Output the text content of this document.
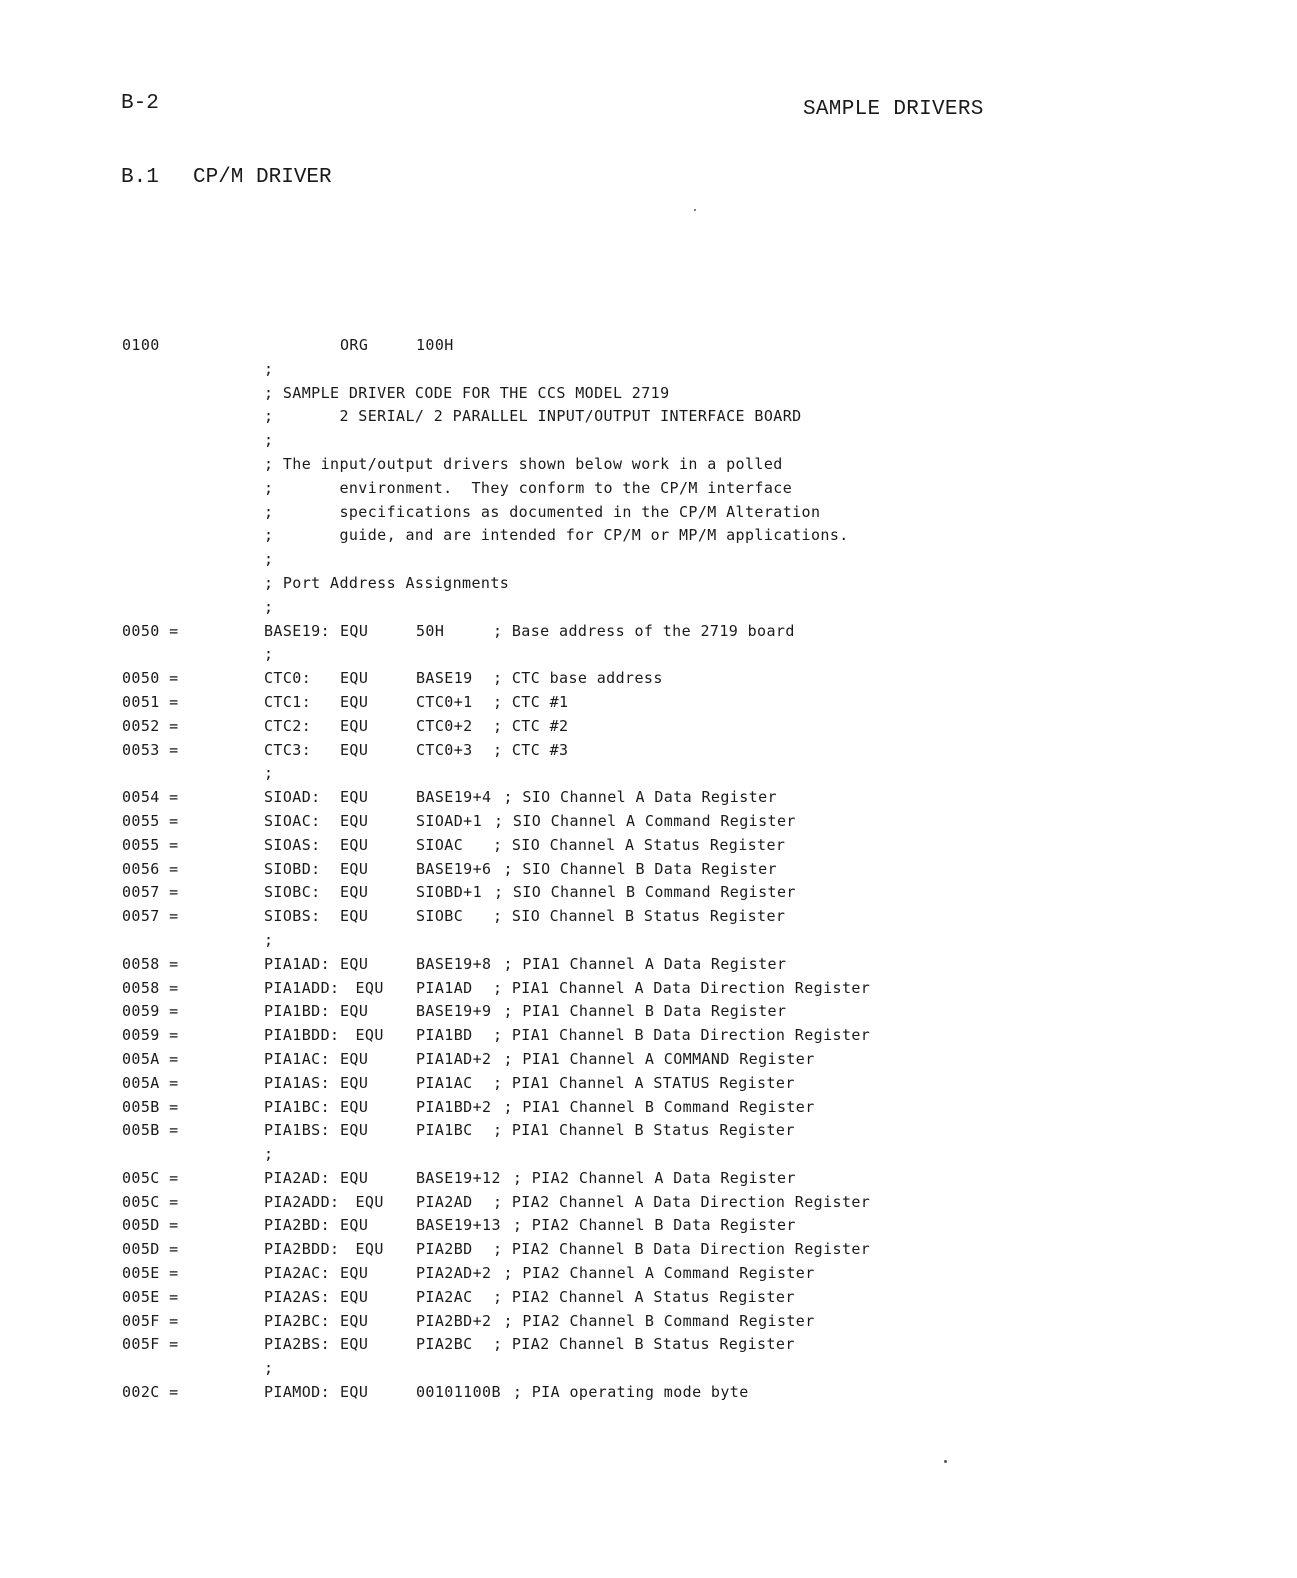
B-2	SAMPLE DRIVERS
B.1 CP/M DRIVER
0100	ORG	100H
;
; SAMPLE DRIVER CODE FOR THE CCS MODEL 2719
;       2 SERIAL/ 2 PARALLEL INPUT/OUTPUT INTERFACE BOARD
;
; The input/output drivers shown below work in a polled
;       environment.  They conform to the CP/M interface
;       specifications as documented in the CP/M Alteration
;       guide, and are intended for CP/M or MP/M applications.
;
; Port Address Assignments
;
0050 =	BASE19: EQU	50H	; Base address of the 2719 board
;
0050 =	CTC0: EQU	BASE19 ; CTC base address
0051 =	CTC1: EQU	CTC0+1 ; CTC #1
0052 =	CTC2: EQU	CTC0+2 ; CTC #2
0053 =	CTC3: EQU	CTC0+3 ; CTC #3
;
0054 =	SIOAD: EQU	BASE19+4 ; SIO Channel A Data Register
0055 =	SIOAC: EQU	SIOAD+1 ; SIO Channel A Command Register
0055 =	SIOAS: EQU	SIOAC ; SIO Channel A Status Register
0056 =	SIOBD: EQU	BASE19+6 ; SIO Channel B Data Register
0057 =	SIOBC: EQU	SIOBD+1 ; SIO Channel B Command Register
0057 =	SIOBS: EQU	SIOBC ; SIO Channel B Status Register
;
0058 =	PIA1AD: EQU	BASE19+8 ; PIA1 Channel A Data Register
0058 =	PIA1ADD: EQU PIA1AD ; PIA1 Channel A Data Direction Register
0059 =	PIA1BD: EQU	BASE19+9 ; PIA1 Channel B Data Register
0059 =	PIA1BDD: EQU PIA1BD ; PIA1 Channel B Data Direction Register
005A =	PIA1AC: EQU	PIA1AD+2 ; PIA1 Channel A COMMAND Register
005A =	PIA1AS: EQU	PIA1AC ; PIA1 Channel A STATUS Register
005B =	PIA1BC: EQU	PIA1BD+2 ; PIA1 Channel B Command Register
005B =	PIA1BS: EQU	PIA1BC ; PIA1 Channel B Status Register
;
005C =	PIA2AD: EQU	BASE19+12 ; PIA2 Channel A Data Register
005C =	PIA2ADD: EQU PIA2AD ; PIA2 Channel A Data Direction Register
005D =	PIA2BD: EQU	BASE19+13 ; PIA2 Channel B Data Register
005D =	PIA2BDD: EQU PIA2BD ; PIA2 Channel B Data Direction Register
005E =	PIA2AC: EQU	PIA2AD+2 ; PIA2 Channel A Command Register
005E =	PIA2AS: EQU	PIA2AC ; PIA2 Channel A Status Register
005F =	PIA2BC: EQU	PIA2BD+2 ; PIA2 Channel B Command Register
005F =	PIA2BS: EQU	PIA2BC ; PIA2 Channel B Status Register
;
002C =	PIAMOD: EQU	00101100B ; PIA operating mode byte
